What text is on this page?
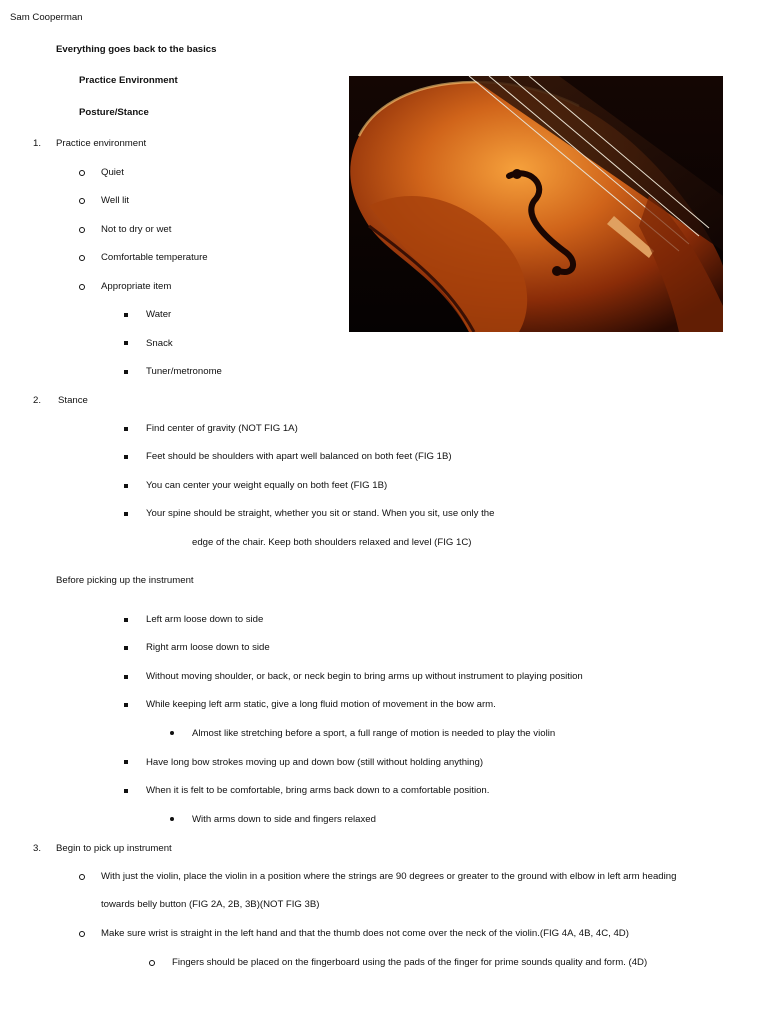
Sam Cooperman
Everything goes back to the basics
Practice Environment
Posture/Stance
1. Practice environment
Quiet
Well lit
Not to dry or wet
Comfortable temperature
Appropriate item
Water
Snack
Tuner/metronome
2. Stance
Find center of gravity (NOT FIG 1A)
Feet should be shoulders with apart well balanced on both feet (FIG 1B)
You can center your weight equally on both feet (FIG 1B)
Your spine should be straight, whether you sit or stand. When you sit, use only the
edge of the chair. Keep both shoulders relaxed and level (FIG 1C)
Before picking up the instrument
Left arm loose down to side
Right arm loose down to side
Without moving shoulder, or back, or neck begin to bring arms up without instrument to playing position
While keeping left arm static, give a long fluid motion of movement in the bow arm.
Almost like stretching before a sport, a full range of motion is needed to play the violin
Have long bow strokes moving up and down bow (still without holding anything)
When it is felt to be comfortable, bring arms back down to a comfortable position.
With arms down to side and fingers relaxed
3. Begin to pick up instrument
With just the violin, place the violin in a position where the strings are 90 degrees or greater to the ground with elbow in left arm heading
towards belly button (FIG 2A, 2B, 3B)(NOT FIG 3B)
Make sure wrist is straight in the left hand and that the thumb does not come over the neck of the violin.(FIG 4A, 4B, 4C, 4D)
Fingers should be placed on the fingerboard using the pads of the finger for prime sounds quality and form. (4D)
